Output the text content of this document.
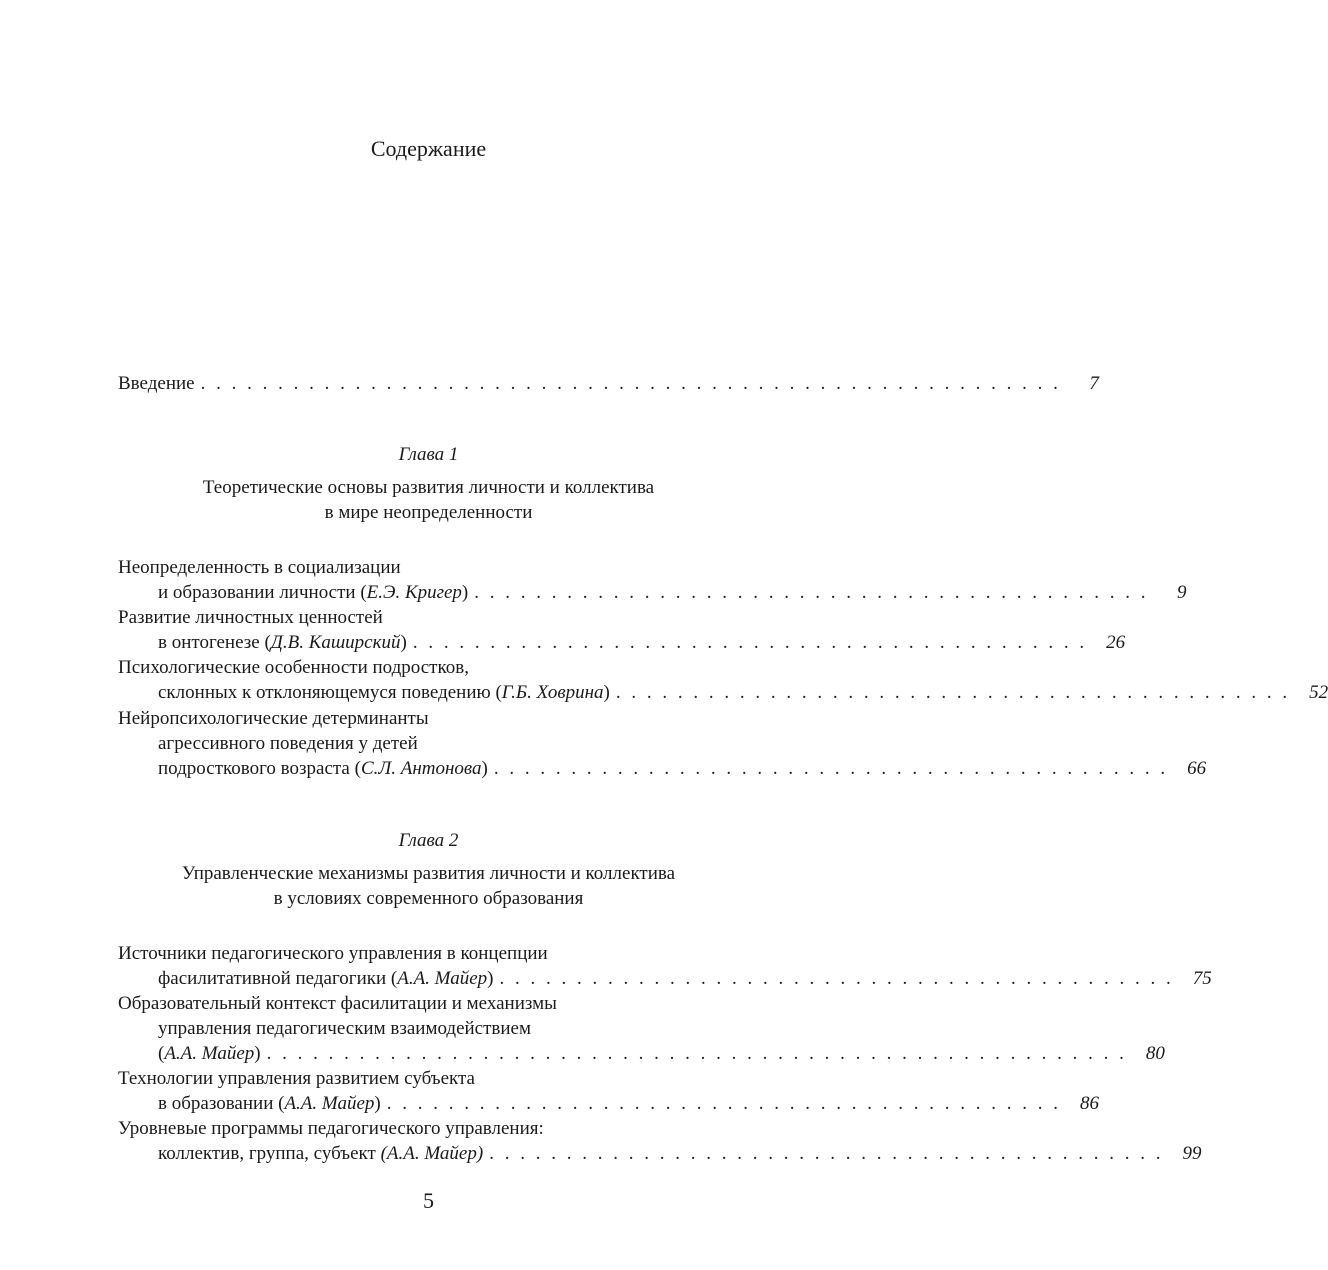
Содержание
Введение . . . . . . . . . . . . . . . . . . . . . . . . . . . . . . . . . . . . . . . . . . . . . . . . . . . . . . . .	7
Глава 1
Теоретические основы развития личности и коллектива
в мире неопределенности
Неопределенность в социализации
и образовании личности (Е.Э. Кригер) . . . . . . . . . . . . . . . . . . . . . . . . . . . . . . . . . . . . . . . . . . . .	9
Развитие личностных ценностей
в онтогенезе (Д.В. Каширский) . . . . . . . . . . . . . . . . . . . . . . . . . . . . . . . . . . . . . . . . . . . .	26
Психологические особенности подростков,
склонных к отклоняющемуся поведению (Г.Б. Ховрина) . . . . . . . . . . . . . . . . . . . . . . . . . . . . . . . . . . . . . . . . . . . .	52
Нейропсихологические детерминанты
агрессивного поведения у детей
подросткового возраста (С.Л. Антонова) . . . . . . . . . . . . . . . . . . . . . . . . . . . . . . . . . . . . . . . . . . . .	66
Глава 2
Управленческие механизмы развития личности и коллектива
в условиях современного образования
Источники педагогического управления в концепции
фасилитативной педагогики (А.А. Майер) . . . . . . . . . . . . . . . . . . . . . . . . . . . . . . . . . . . . . . . . . . . .	75
Образовательный контекст фасилитации и механизмы
управления педагогическим взаимодействием
(А.А. Майер) . . . . . . . . . . . . . . . . . . . . . . . . . . . . . . . . . . . . . . . . . . . . . . . . . . . . . . . .	80
Технологии управления развитием субъекта
в образовании (А.А. Майер) . . . . . . . . . . . . . . . . . . . . . . . . . . . . . . . . . . . . . . . . . . . .	86
Уровневые программы педагогического управления:
коллектив, группа, субъект (А.А. Майер) . . . . . . . . . . . . . . . . . . . . . . . . . . . . . . . . . . . . . . . . . . . .	99
5
